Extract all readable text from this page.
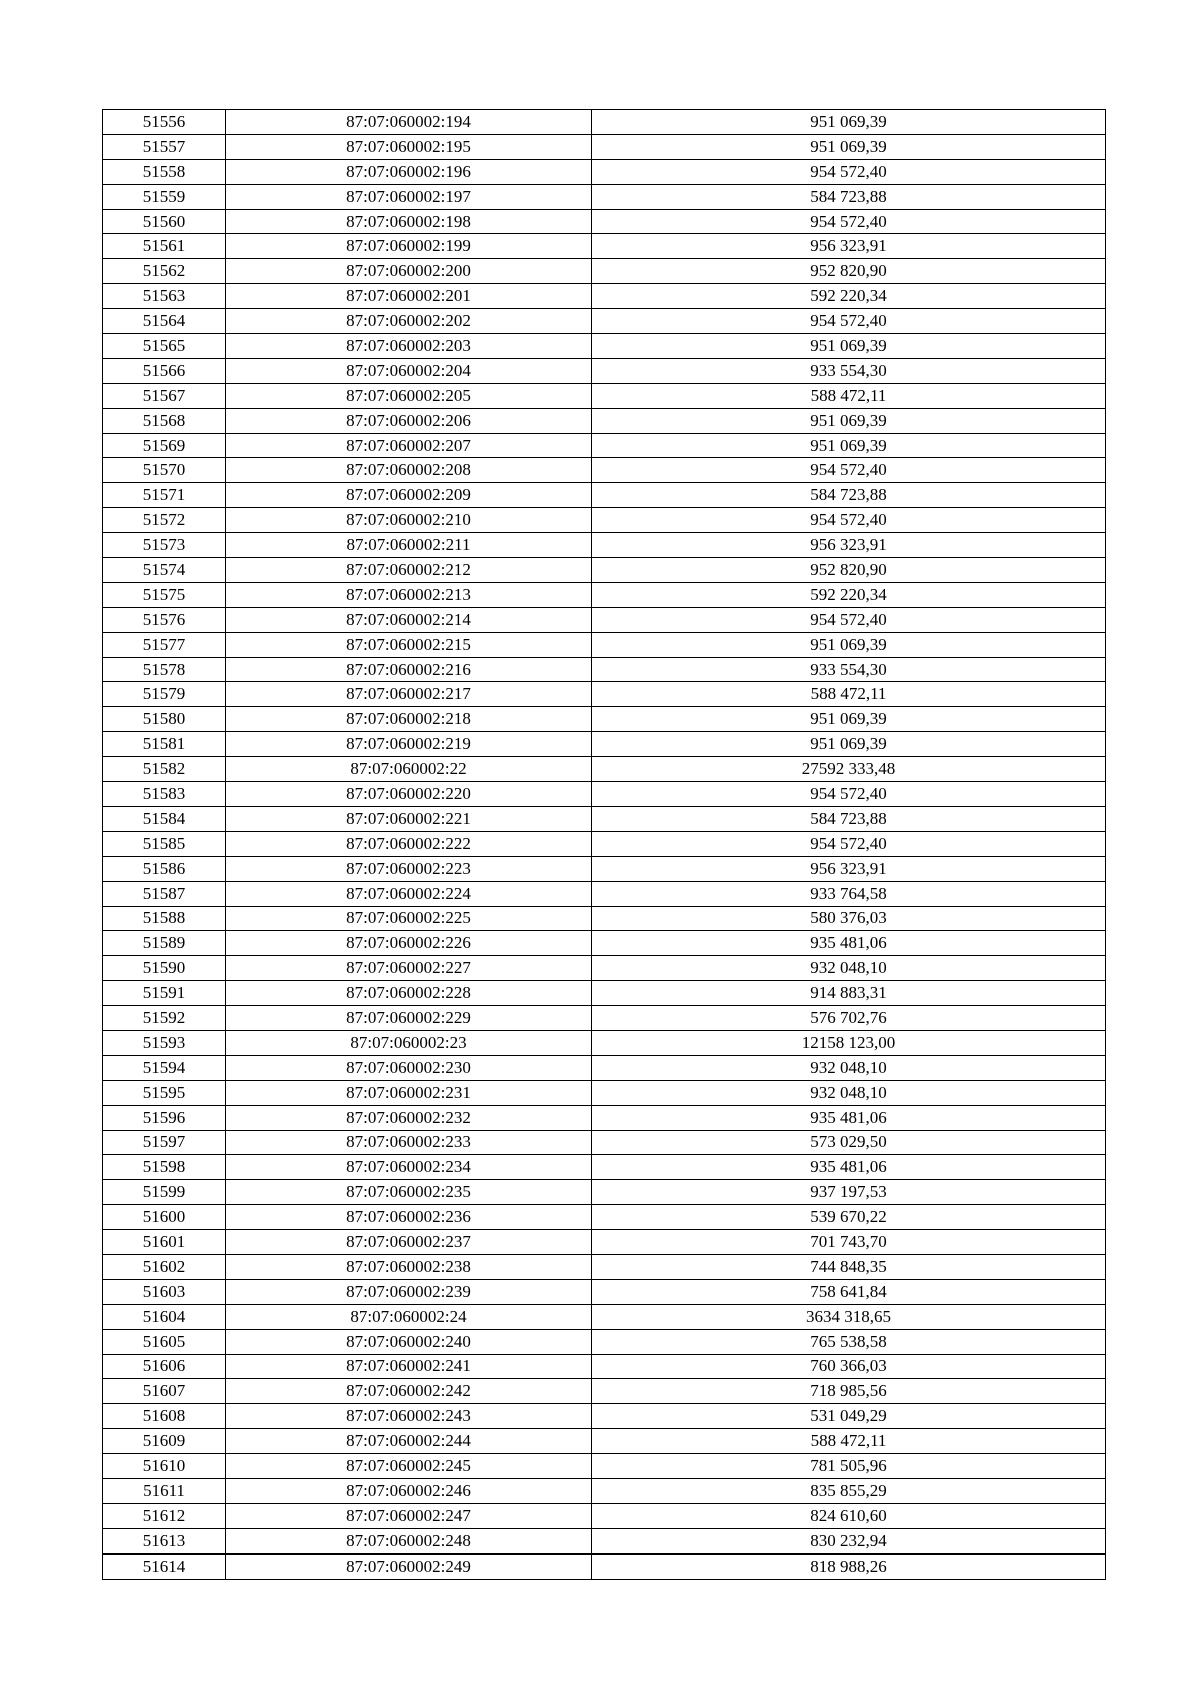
51556	87:07:060002:194	951 069,39
51557	87:07:060002:195	951 069,39
51558	87:07:060002:196	954 572,40
51559	87:07:060002:197	584 723,88
51560	87:07:060002:198	954 572,40
51561	87:07:060002:199	956 323,91
51562	87:07:060002:200	952 820,90
51563	87:07:060002:201	592 220,34
51564	87:07:060002:202	954 572,40
51565	87:07:060002:203	951 069,39
51566	87:07:060002:204	933 554,30
51567	87:07:060002:205	588 472,11
51568	87:07:060002:206	951 069,39
51569	87:07:060002:207	951 069,39
51570	87:07:060002:208	954 572,40
51571	87:07:060002:209	584 723,88
51572	87:07:060002:210	954 572,40
51573	87:07:060002:211	956 323,91
51574	87:07:060002:212	952 820,90
51575	87:07:060002:213	592 220,34
51576	87:07:060002:214	954 572,40
51577	87:07:060002:215	951 069,39
51578	87:07:060002:216	933 554,30
51579	87:07:060002:217	588 472,11
51580	87:07:060002:218	951 069,39
51581	87:07:060002:219	951 069,39
51582	87:07:060002:22	27592 333,48
51583	87:07:060002:220	954 572,40
51584	87:07:060002:221	584 723,88
51585	87:07:060002:222	954 572,40
51586	87:07:060002:223	956 323,91
51587	87:07:060002:224	933 764,58
51588	87:07:060002:225	580 376,03
51589	87:07:060002:226	935 481,06
51590	87:07:060002:227	932 048,10
51591	87:07:060002:228	914 883,31
51592	87:07:060002:229	576 702,76
51593	87:07:060002:23	12158 123,00
51594	87:07:060002:230	932 048,10
51595	87:07:060002:231	932 048,10
51596	87:07:060002:232	935 481,06
51597	87:07:060002:233	573 029,50
51598	87:07:060002:234	935 481,06
51599	87:07:060002:235	937 197,53
51600	87:07:060002:236	539 670,22
51601	87:07:060002:237	701 743,70
51602	87:07:060002:238	744 848,35
51603	87:07:060002:239	758 641,84
51604	87:07:060002:24	3634 318,65
51605	87:07:060002:240	765 538,58
51606	87:07:060002:241	760 366,03
51607	87:07:060002:242	718 985,56
51608	87:07:060002:243	531 049,29
51609	87:07:060002:244	588 472,11
51610	87:07:060002:245	781 505,96
51611	87:07:060002:246	835 855,29
51612	87:07:060002:247	824 610,60
51613	87:07:060002:248	830 232,94
51614	87:07:060002:249	818 988,26
